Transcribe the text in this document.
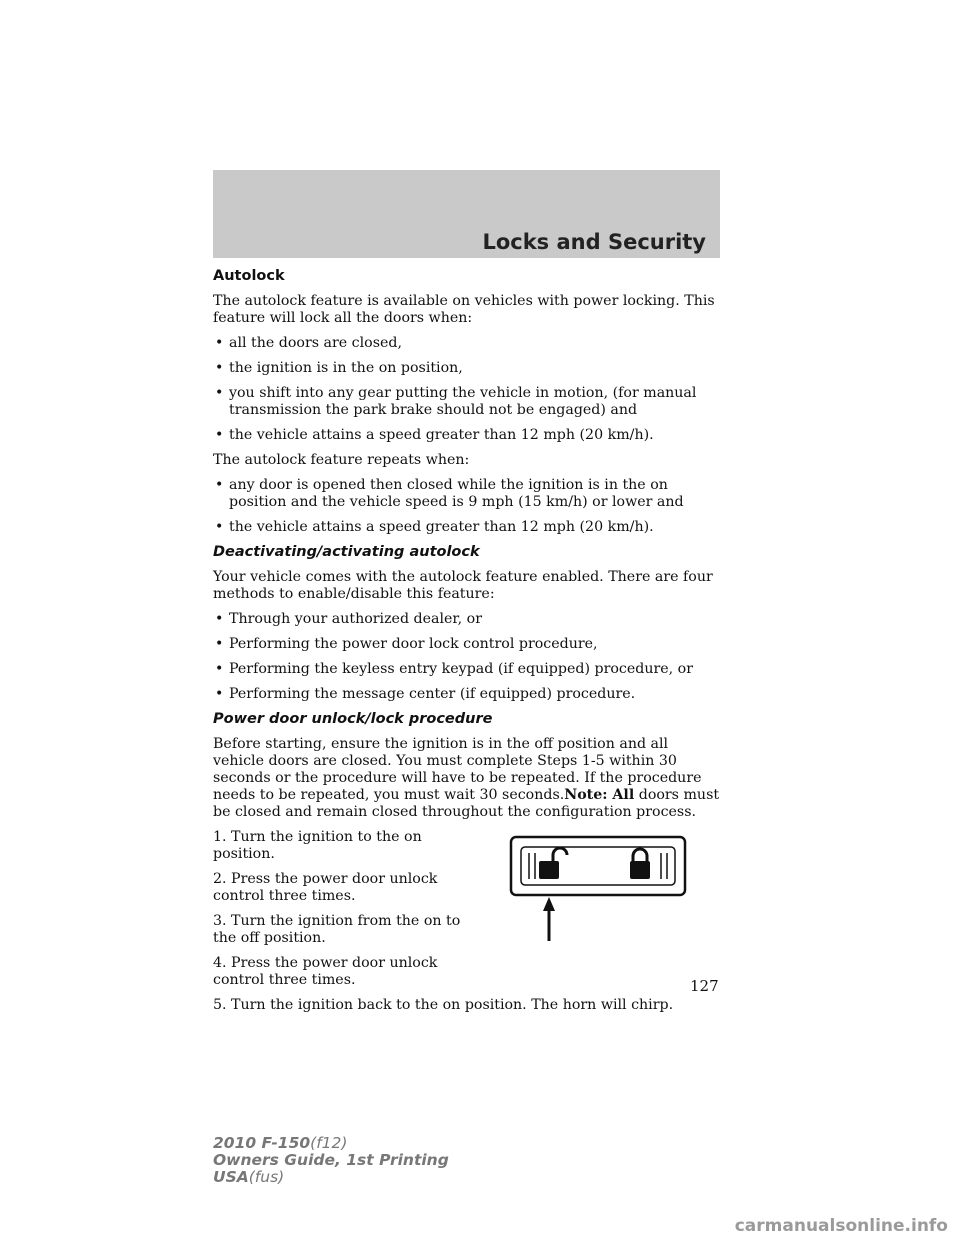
Locks and Security
Autolock

The autolock feature is available on vehicles with power locking. This feature will lock all the doors when:

• all the doors are closed,
• the ignition is in the on position,
• you shift into any gear putting the vehicle in motion, (for manual transmission the park brake should not be engaged) and
• the vehicle attains a speed greater than 12 mph (20 km/h).

The autolock feature repeats when:

• any door is opened then closed while the ignition is in the on position and the vehicle speed is 9 mph (15 km/h) or lower and
• the vehicle attains a speed greater than 12 mph (20 km/h).
Deactivating/activating autolock

Your vehicle comes with the autolock feature enabled. There are four methods to enable/disable this feature:

• Through your authorized dealer, or
• Performing the power door lock control procedure,
• Performing the keyless entry keypad (if equipped) procedure, or
• Performing the message center (if equipped) procedure.
Power door unlock/lock procedure

Before starting, ensure the ignition is in the off position and all vehicle doors are closed. You must complete Steps 1-5 within 30 seconds or the procedure will have to be repeated. If the procedure needs to be repeated, you must wait 30 seconds.Note: All doors must be closed and remain closed throughout the configuration process.

1. Turn the ignition to the on position.

2. Press the power door unlock control three times.

3. Turn the ignition from the on to the off position.

4. Press the power door unlock control three times.

5. Turn the ignition back to the on position. The horn will chirp.

127
2010 F-150(f12)
Owners Guide, 1st Printing
USA(fus)
carmanualsonline.info
